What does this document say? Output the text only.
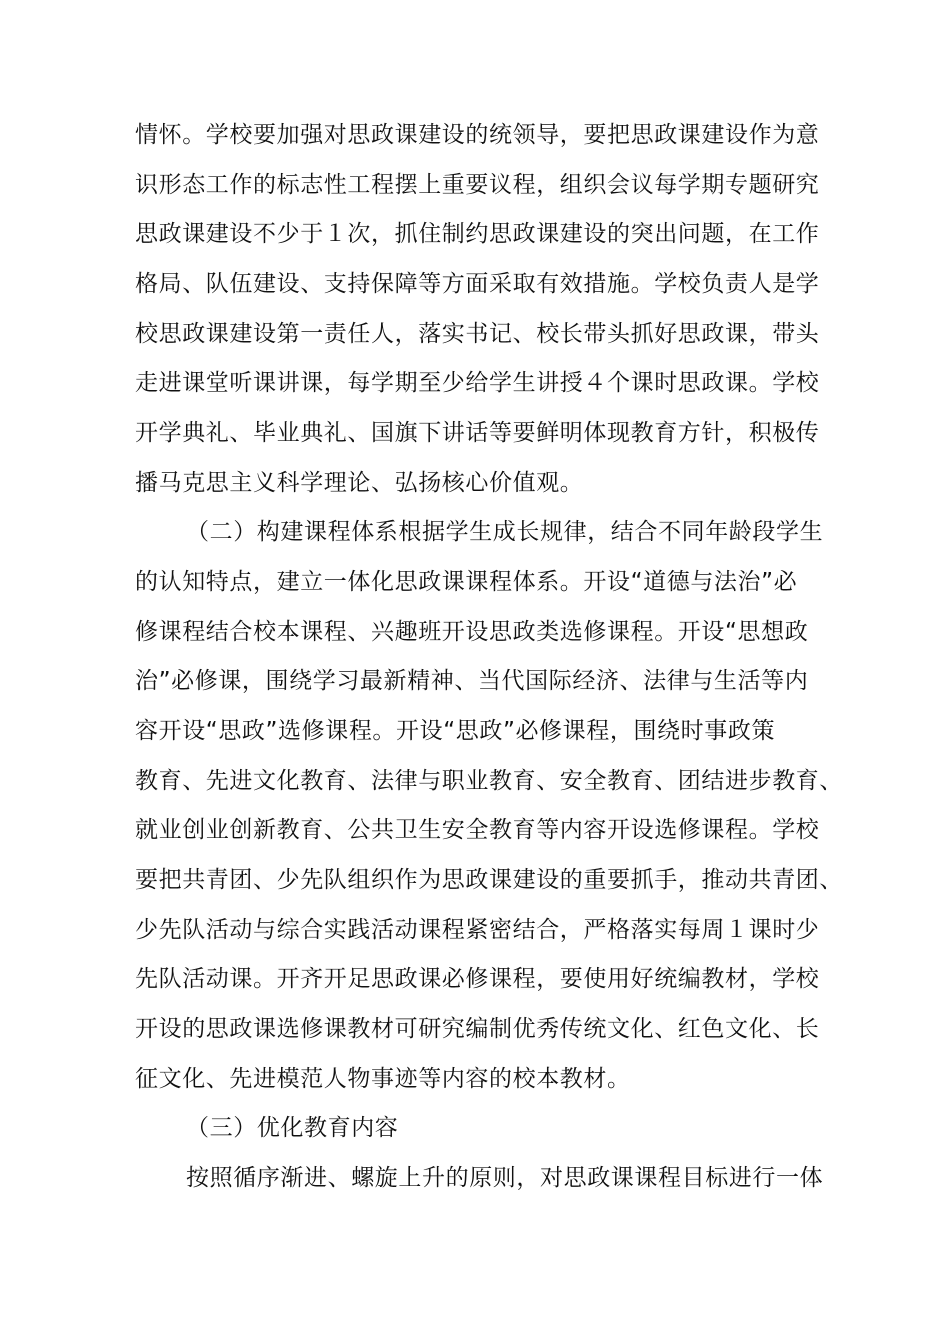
情怀。学校要加强对思政课建设的统领导，要把思政课建设作为意
识形态工作的标志性工程摆上重要议程，组织会议每学期专题研究
思政课建设不少于１次，抓住制约思政课建设的突出问题，在工作
格局、队伍建设、支持保障等方面采取有效措施。学校负责人是学
校思政课建设第一责任人，落实书记、校长带头抓好思政课，带头
走进课堂听课讲课，每学期至少给学生讲授４个课时思政课。学校
开学典礼、毕业典礼、国旗下讲话等要鲜明体现教育方针，积极传
播马克思主义科学理论、弘扬核心价值观。
（二）构建课程体系根据学生成长规律，结合不同年龄段学生
的认知特点，建立一体化思政课课程体系。开设“道德与法治”必
修课程结合校本课程、兴趣班开设思政类选修课程。开设“思想政
治”必修课，围绕学习最新精神、当代国际经济、法律与生活等内
容开设“思政”选修课程。开设“思政”必修课程，围绕时事政策
教育、先进文化教育、法律与职业教育、安全教育、团结进步教育、
就业创业创新教育、公共卫生安全教育等内容开设选修课程。学校
要把共青团、少先队组织作为思政课建设的重要抓手，推动共青团、
少先队活动与综合实践活动课程紧密结合，严格落实每周１课时少
先队活动课。开齐开足思政课必修课程，要使用好统编教材，学校
开设的思政课选修课教材可研究编制优秀传统文化、红色文化、长
征文化、先进模范人物事迹等内容的校本教材。
（三）优化教育内容
按照循序渐进、螺旋上升的原则，对思政课课程目标进行一体
